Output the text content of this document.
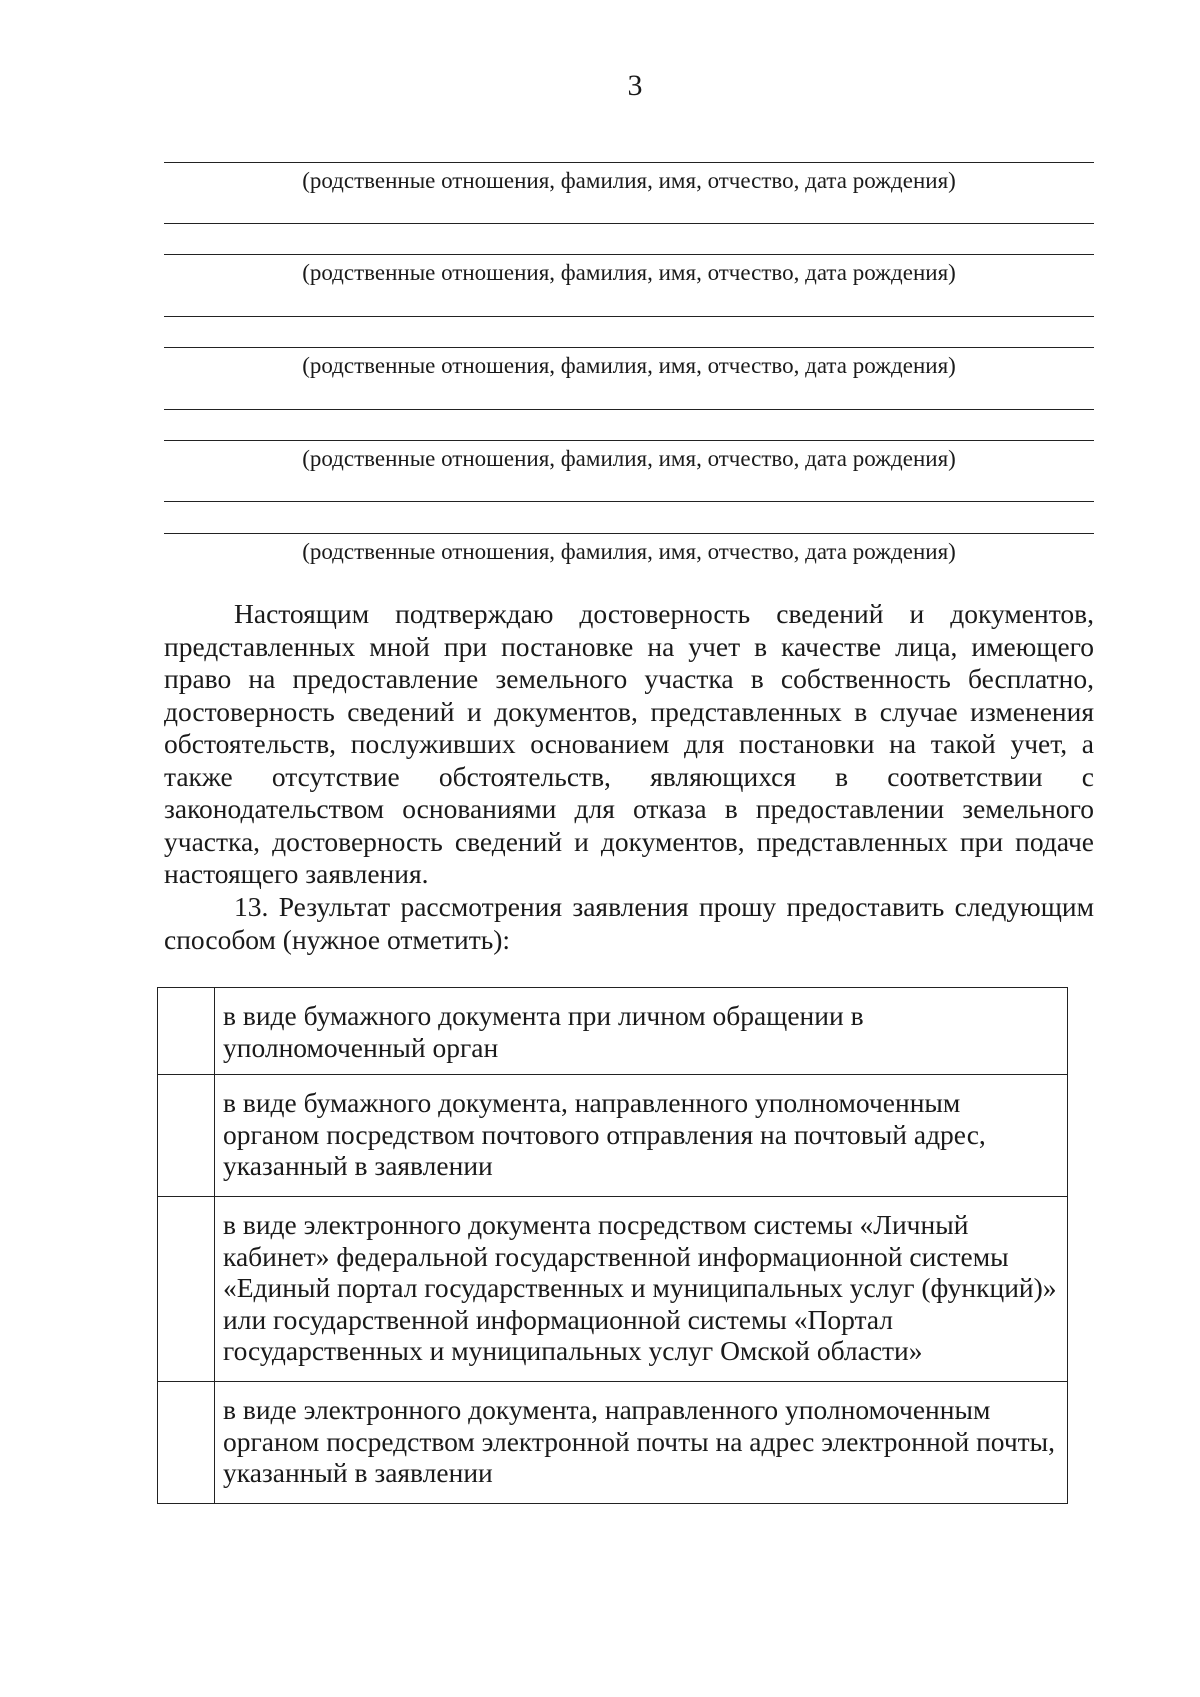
3
(родственные отношения, фамилия, имя, отчество, дата рождения)
(родственные отношения, фамилия, имя, отчество, дата рождения)
(родственные отношения, фамилия, имя, отчество, дата рождения)
(родственные отношения, фамилия, имя, отчество, дата рождения)
(родственные отношения, фамилия, имя, отчество, дата рождения)

Настоящим подтверждаю достоверность сведений и документов, представленных мной при постановке на учет в качестве лица, имеющего право на предоставление земельного участка в собственность бесплатно, достоверность сведений и документов, представленных в случае изменения обстоятельств, послуживших основанием для постановки на такой учет, а также отсутствие обстоятельств, являющихся в соответствии с законодательством основаниями для отказа в предоставлении земельного участка, достоверность сведений и документов, представленных при подаче настоящего заявления.

13. Результат рассмотрения заявления прошу предоставить следующим способом (нужное отметить):

	в виде бумажного документа при личном обращении в уполномоченный орган
	в виде бумажного документа, направленного уполномоченным органом посредством почтового отправления на почтовый адрес, указанный в заявлении
	в виде электронного документа посредством системы «Личный кабинет» федеральной государственной информационной системы «Единый портал государственных и муниципальных услуг (функций)» или государственной информационной системы «Портал государственных и муниципальных услуг Омской области»
	в виде электронного документа, направленного уполномоченным органом посредством электронной почты на адрес электронной почты, указанный в заявлении
